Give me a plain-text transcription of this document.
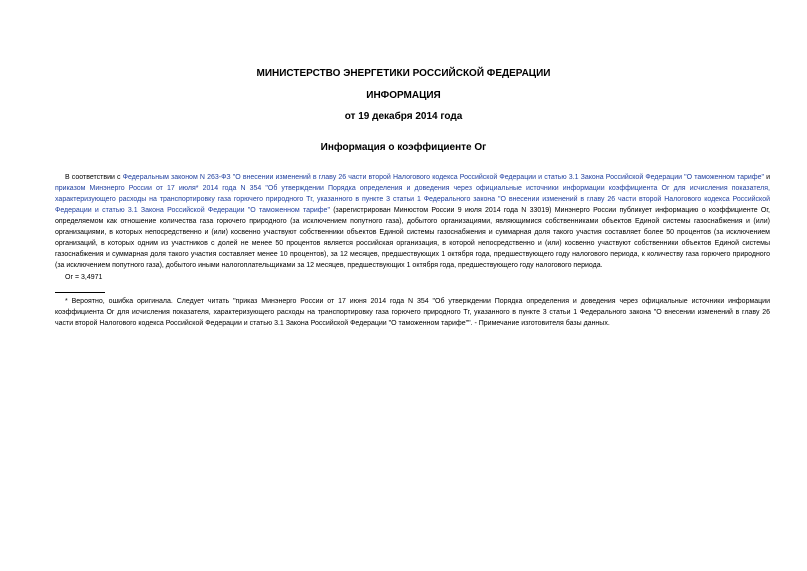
МИНИСТЕРСТВО ЭНЕРГЕТИКИ РОССИЙСКОЙ ФЕДЕРАЦИИ
ИНФОРМАЦИЯ
от 19 декабря 2014 года
Информация о коэффициенте Ог
В соответствии с Федеральным законом N 263-ФЗ "О внесении изменений в главу 26 части второй Налогового кодекса Российской Федерации и статью 3.1 Закона Российской Федерации "О таможенном тарифе" и приказом Минэнерго России от 17 июля* 2014 года N 354 "Об утверждении Порядка определения и доведения через официальные источники информации коэффициента Ог для исчисления показателя, характеризующего расходы на транспортировку газа горючего природного Тг, указанного в пункте 3 статьи 1 Федерального закона "О внесении изменений в главу 26 части второй Налогового кодекса Российской Федерации и статью 3.1 Закона Российской Федерации "О таможенном тарифе" (зарегистрирован Минюстом России 9 июля 2014 года N 33019) Минэнерго России публикует информацию о коэффициенте Ог, определяемом как отношение количества газа горючего природного (за исключением попутного газа), добытого организациями, являющимися собственниками объектов Единой системы газоснабжения и (или) организациями, в которых непосредственно и (или) косвенно участвуют собственники объектов Единой системы газоснабжения и суммарная доля такого участия составляет более 50 процентов (за исключением организаций, в которых одним из участников с долей не менее 50 процентов является российская организация, в которой непосредственно и (или) косвенно участвуют собственники объектов Единой системы газоснабжения и суммарная доля такого участия составляет менее 10 процентов), за 12 месяцев, предшествующих 1 октября года, предшествующего году налогового периода, к количеству газа горючего природного (за исключением попутного газа), добытого иными налогоплательщиками за 12 месяцев, предшествующих 1 октября года, предшествующего году налогового периода.
Ог = 3,4971
* Вероятно, ошибка оригинала. Следует читать "приказ Минэнерго России от 17 июня 2014 года N 354 "Об утверждении Порядка определения и доведения через официальные источники информации коэффициента Ог для исчисления показателя, характеризующего расходы на транспортировку газа горючего природного Тг, указанного в пункте 3 статьи 1 Федерального закона "О внесении изменений в главу 26 части второй Налогового кодекса Российской Федерации и статью 3.1 Закона Российской Федерации "О таможенном тарифе"". - Примечание изготовителя базы данных.
